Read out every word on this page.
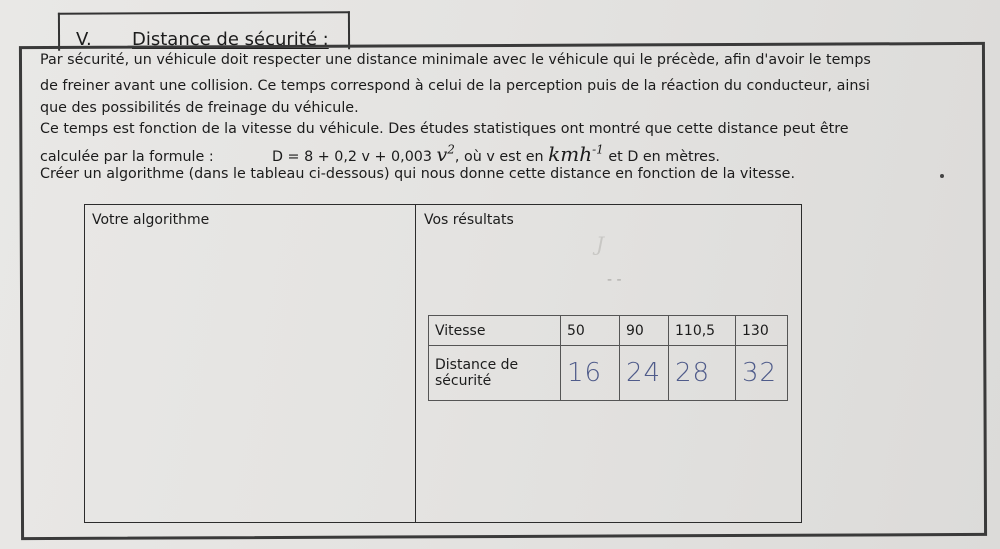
V. Distance de sécurité :
Par sécurité, un véhicule doit respecter une distance minimale avec le véhicule qui le précède, afin d'avoir le temps
de freiner avant une collision. Ce temps correspond à celui de la perception puis de la réaction du conducteur, ainsi
que des possibilités de freinage du véhicule.
Ce temps est fonction de la vitesse du véhicule. Des études statistiques ont montré que cette distance peut être
calculée par la formule :	D = 8 + 0,2 v + 0,003 $v^2$, où v est en kmh$^{-1}$ et D en mètres.
Créer un algorithme (dans le tableau ci-dessous) qui nous donne cette distance en fonction de la vitesse.
Votre algorithme	Vos résultats
J
- -
Vitesse	50	90	110,5	130

Distance de
sécurité	16	24	28	32
